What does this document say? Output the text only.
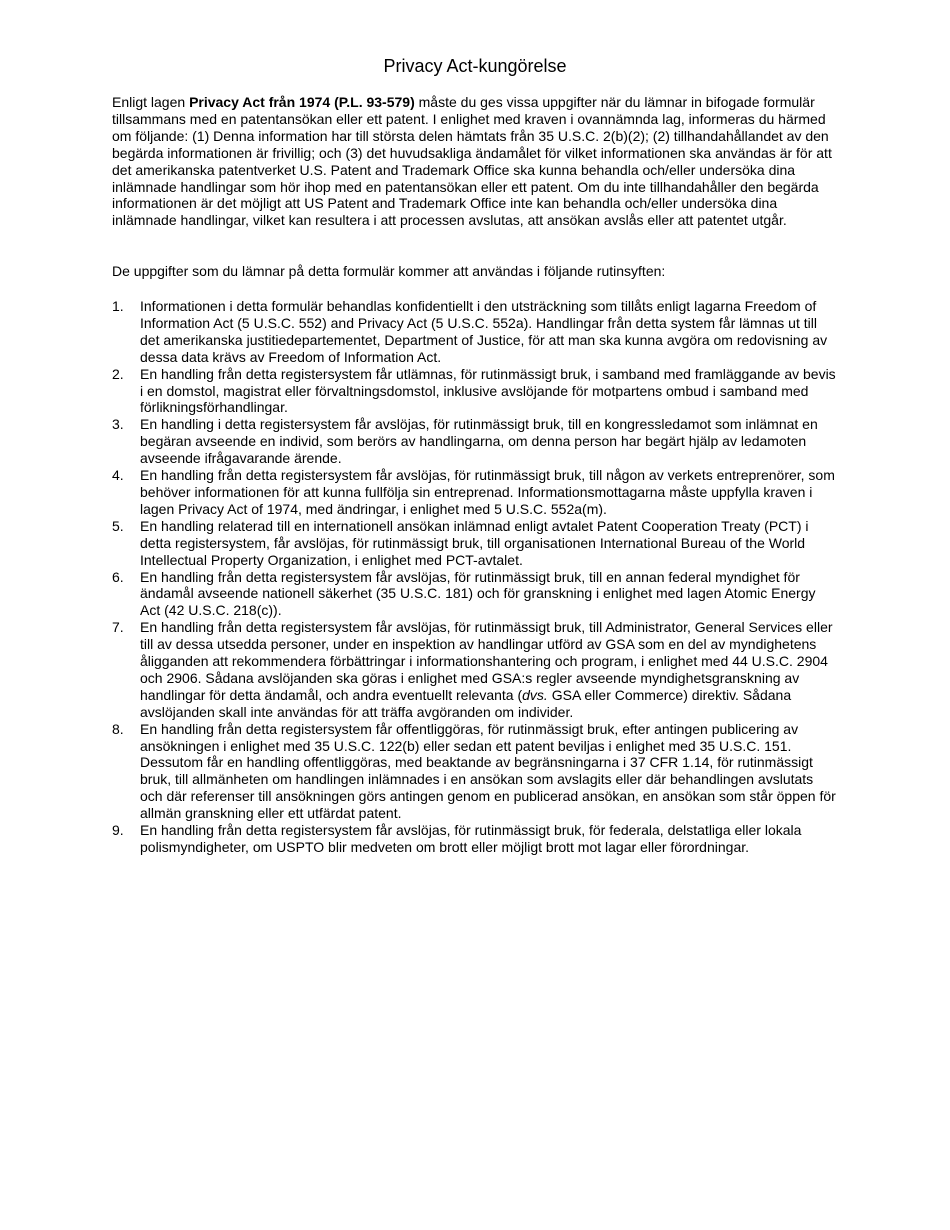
Privacy Act-kungörelse

Enligt lagen Privacy Act från 1974 (P.L. 93-579) måste du ges vissa uppgifter när du lämnar in bifogade formulär tillsammans med en patentansökan eller ett patent. I enlighet med kraven i ovannämnda lag, informeras du härmed om följande: (1) Denna information har till största delen hämtats från 35 U.S.C. 2(b)(2); (2) tillhandahållandet av den begärda informationen är frivillig; och (3) det huvudsakliga ändamålet för vilket informationen ska användas är för att det amerikanska patentverket U.S. Patent and Trademark Office ska kunna behandla och/eller undersöka dina inlämnade handlingar som hör ihop med en patentansökan eller ett patent. Om du inte tillhandahåller den begärda informationen är det möjligt att US Patent and Trademark Office inte kan behandla och/eller undersöka dina inlämnade handlingar, vilket kan resultera i att processen avslutas, att ansökan avslås eller att patentet utgår.

De uppgifter som du lämnar på detta formulär kommer att användas i följande rutinsyften:

1. Informationen i detta formulär behandlas konfidentiellt i den utsträckning som tillåts enligt lagarna Freedom of Information Act (5 U.S.C. 552) and Privacy Act (5 U.S.C. 552a). Handlingar från detta system får lämnas ut till det amerikanska justitiedepartementet, Department of Justice, för att man ska kunna avgöra om redovisning av dessa data krävs av Freedom of Information Act.
2. En handling från detta registersystem får utlämnas, för rutinmässigt bruk, i samband med framläggande av bevis i en domstol, magistrat eller förvaltningsdomstol, inklusive avslöjande för motpartens ombud i samband med förlikningsförhandlingar.
3. En handling i detta registersystem får avslöjas, för rutinmässigt bruk, till en kongressledamot som inlämnat en begäran avseende en individ, som berörs av handlingarna, om denna person har begärt hjälp av ledamoten avseende ifrågavarande ärende.
4. En handling från detta registersystem får avslöjas, för rutinmässigt bruk, till någon av verkets entreprenörer, som behöver informationen för att kunna fullfölja sin entreprenad. Informationsmottagarna måste uppfylla kraven i lagen Privacy Act of 1974, med ändringar, i enlighet med 5 U.S.C. 552a(m).
5. En handling relaterad till en internationell ansökan inlämnad enligt avtalet Patent Cooperation Treaty (PCT) i detta registersystem, får avslöjas, för rutinmässigt bruk, till organisationen International Bureau of the World Intellectual Property Organization, i enlighet med PCT-avtalet.
6. En handling från detta registersystem får avslöjas, för rutinmässigt bruk, till en annan federal myndighet för ändamål avseende nationell säkerhet (35 U.S.C. 181) och för granskning i enlighet med lagen Atomic Energy Act (42 U.S.C. 218(c)).
7. En handling från detta registersystem får avslöjas, för rutinmässigt bruk, till Administrator, General Services eller till av dessa utsedda personer, under en inspektion av handlingar utförd av GSA som en del av myndighetens åligganden att rekommendera förbättringar i informationshantering och program, i enlighet med 44 U.S.C. 2904 och 2906. Sådana avslöjanden ska göras i enlighet med GSA:s regler avseende myndighetsgranskning av handlingar för detta ändamål, och andra eventuellt relevanta (dvs. GSA eller Commerce) direktiv. Sådana avslöjanden skall inte användas för att träffa avgöranden om individer.
8. En handling från detta registersystem får offentliggöras, för rutinmässigt bruk, efter antingen publicering av ansökningen i enlighet med 35 U.S.C. 122(b) eller sedan ett patent beviljas i enlighet med 35 U.S.C. 151. Dessutom får en handling offentliggöras, med beaktande av begränsningarna i 37 CFR 1.14, för rutinmässigt bruk, till allmänheten om handlingen inlämnades i en ansökan som avslagits eller där behandlingen avslutats och där referenser till ansökningen görs antingen genom en publicerad ansökan, en ansökan som står öppen för allmän granskning eller ett utfärdat patent.
9. En handling från detta registersystem får avslöjas, för rutinmässigt bruk, för federala, delstatliga eller lokala polismyndigheter, om USPTO blir medveten om brott eller möjligt brott mot lagar eller förordningar.
